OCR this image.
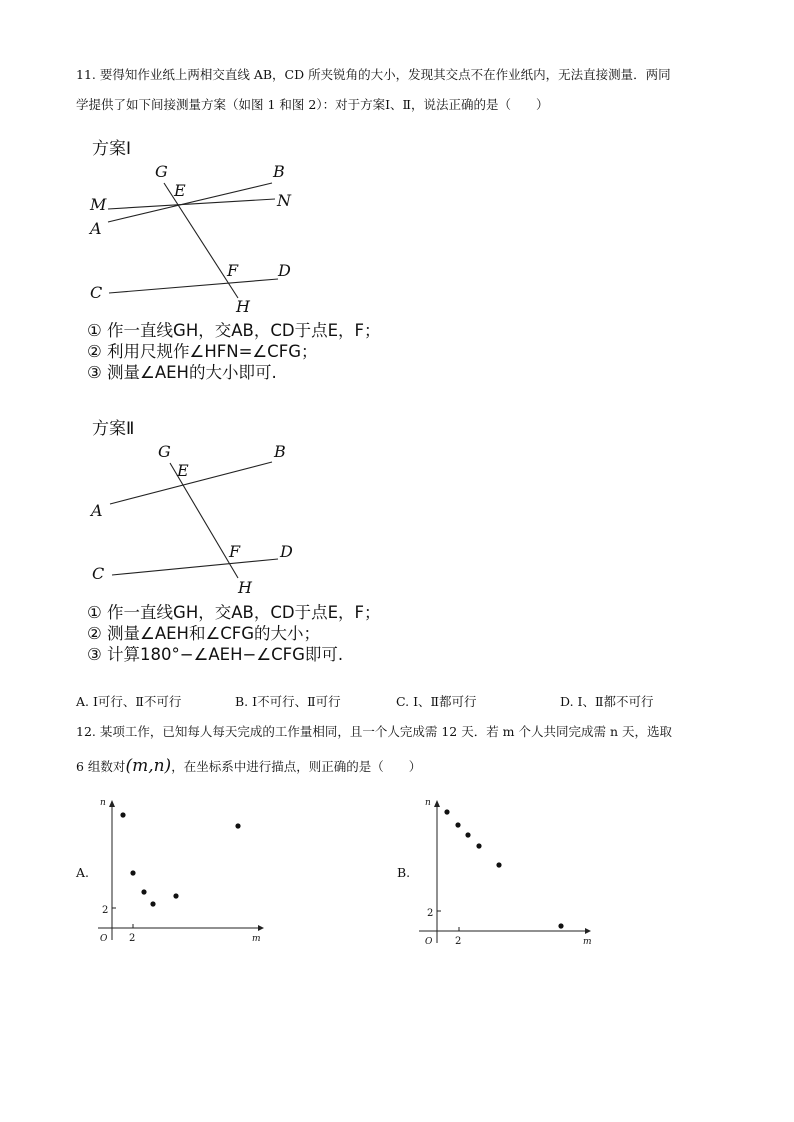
11. 要得知作业纸上两相交直线 AB，CD 所夹锐角的大小，发现其交点不在作业纸内，无法直接测量．两同
学提供了如下间接测量方案（如图 1 和图 2）：对于方案Ⅰ、Ⅱ，说法正确的是（　　）
方案Ⅰ
G	B
E
M	N
A
F D
C
H
G	B
E
A
F D
C
H
① 作一直线GH，交AB，CD于点E，F；
② 利用尺规作∠HFN=∠CFG；
③ 测量∠AEH的大小即可.
方案Ⅱ
① 作一直线GH，交AB，CD于点E，F；
② 测量∠AEH和∠CFG的大小；
③ 计算180°−∠AEH−∠CFG即可.
A. Ⅰ可行、Ⅱ不可行	B. Ⅰ不可行、Ⅱ可行	C. Ⅰ、Ⅱ都可行	D. Ⅰ、Ⅱ都不可行
12. 某项工作，已知每人每天完成的工作量相同，且一个人完成需 12 天．若 m 个人共同完成需 n 天，选取
6 组数对(m,n)，在坐标系中进行描点，则正确的是（　　）
A.
n
m
O 2
2
B.
n
m
O 2
2
